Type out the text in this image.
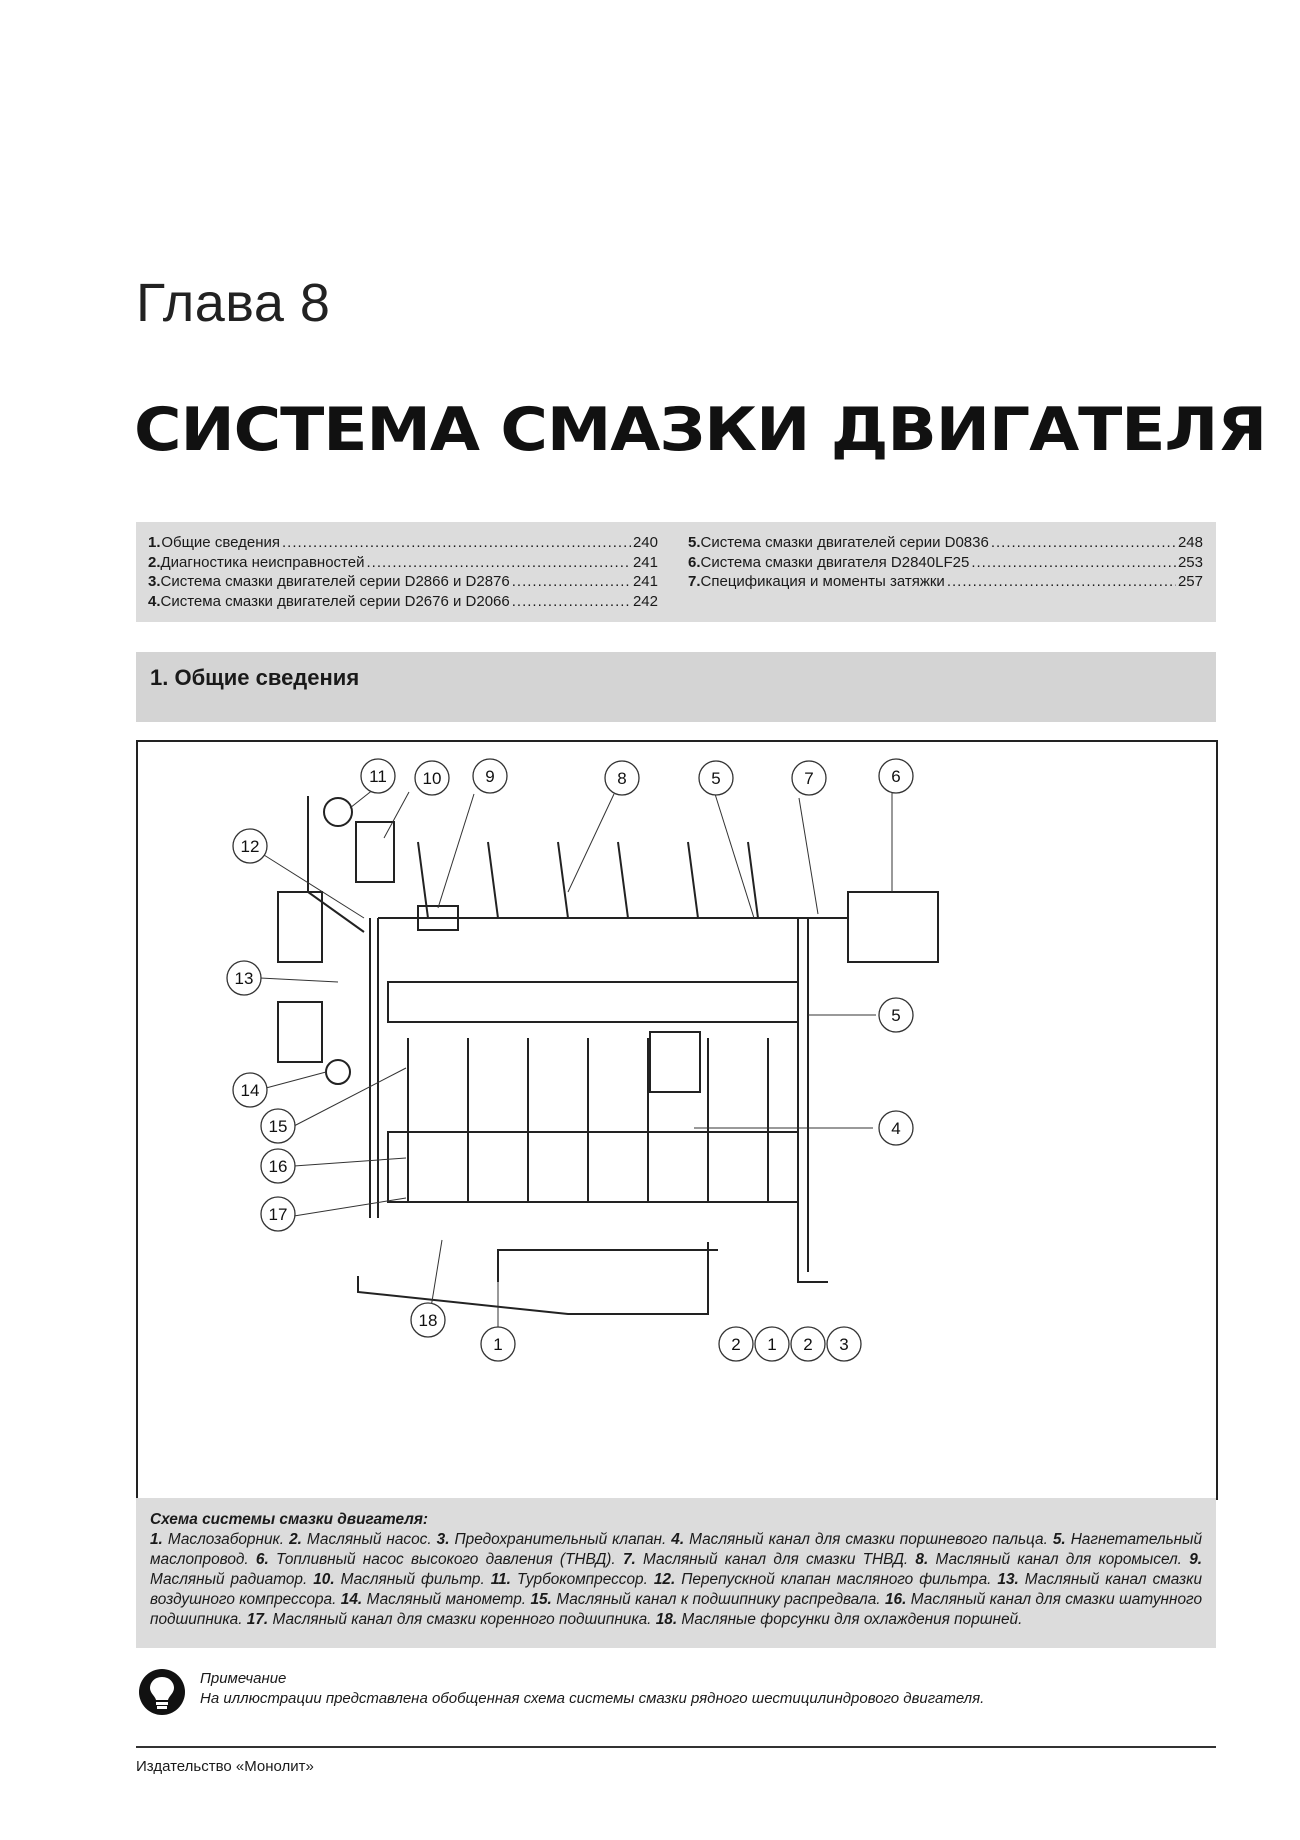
Глава 8
СИСТЕМА СМАЗКИ ДВИГАТЕЛЯ
1. Общие сведения .....	240
2. Диагностика неисправностей .....	241
3. Система смазки двигателей серии D2866 и D2876 .....	241
4. Система смазки двигателей серии D2676 и D2066 .....	242
5. Система смазки двигателей серии D0836 .....	248
6. Система смазки двигателя D2840LF25 .....	253
7. Спецификация и моменты затяжки .....	257
1. Общие сведения
1	2 1 2 3
4
5
5
6
7
8
9
10
11
12
13
14
15
16
17
18
Схема системы смазки двигателя:
1. Маслозаборник. 2. Масляный насос. 3. Предохранительный клапан. 4. Масляный канал для смазки поршневого пальца. 5. Нагнетательный маслопровод. 6. Топливный насос высокого давления (ТНВД). 7. Масляный канал для смазки ТНВД. 8. Масляный канал для коромысел. 9. Масляный радиатор. 10. Масляный фильтр. 11. Турбокомпрессор. 12. Перепускной клапан масляного фильтра. 13. Масляный канал смазки воздушного компрессора. 14. Масляный манометр. 15. Масляный канал к подшипнику распредвала. 16. Масляный канал для смазки шатунного подшипника. 17. Масляный канал для смазки коренного подшипника. 18. Масляные форсунки для охлаждения поршней.
Примечание
На иллюстрации представлена обобщенная схема системы смазки рядного шестицилиндрового двигателя.
Издательство «Монолит»
